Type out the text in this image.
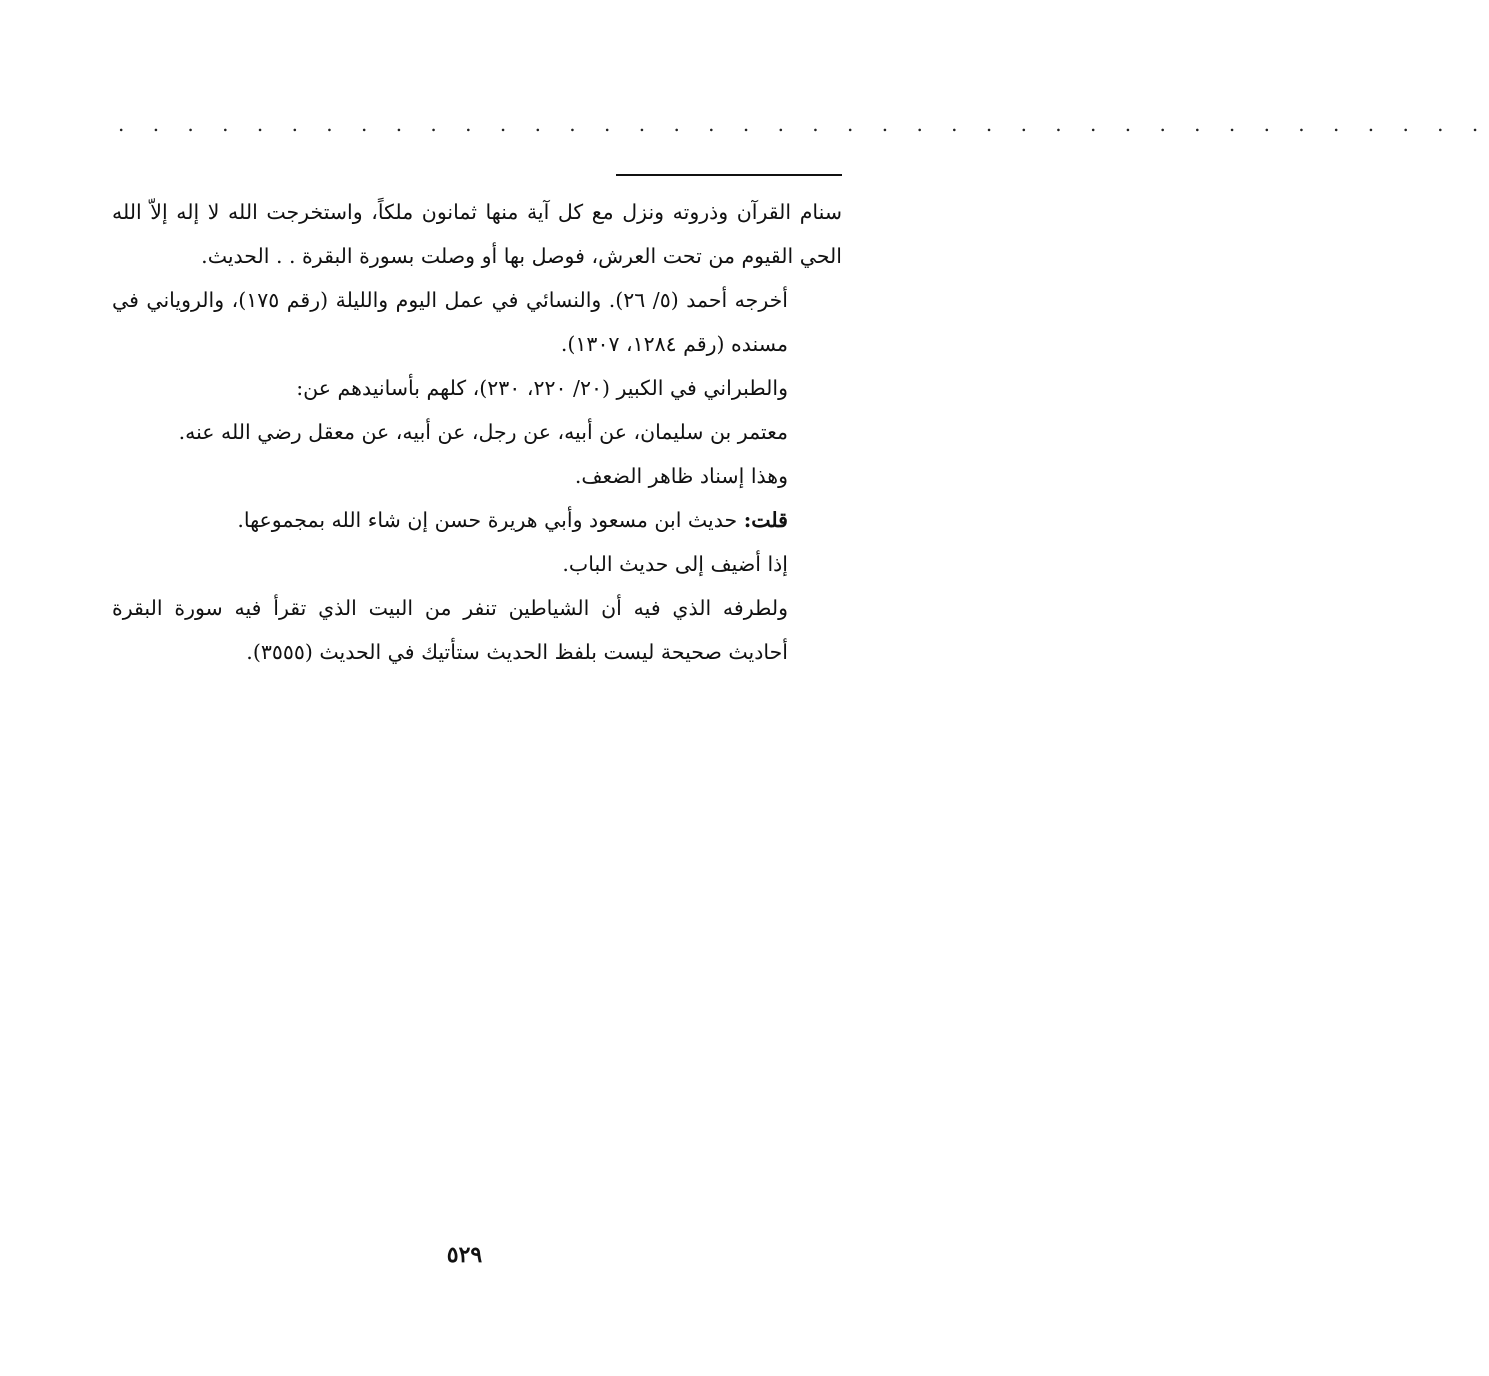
. . . . . . . . . . . . . . . . . . . . . . . . . . . . . . . . . . . . . . . .

سنام القرآن وذروته ونزل مع كل آية منها ثمانون ملكاً، واستخرجت الله لا إله إلاّ الله الحي القيوم من تحت العرش، فوصل بها أو وصلت بسورة البقرة . . الحديث.

أخرجه أحمد (٥/ ٢٦). والنسائي في عمل اليوم والليلة (رقم ١٧٥)، والروياني في مسنده (رقم ١٢٨٤، ١٣٠٧).

والطبراني في الكبير (٢٠/ ٢٢٠، ٢٣٠)، كلهم بأسانيدهم عن:

معتمر بن سليمان، عن أبيه، عن رجل، عن أبيه، عن معقل رضي الله عنه.

وهذا إسناد ظاهر الضعف.

قلت: حديث ابن مسعود وأبي هريرة حسن إن شاء الله بمجموعها.

إذا أضيف إلى حديث الباب.

ولطرفه الذي فيه أن الشياطين تنفر من البيت الذي تقرأ فيه سورة البقرة أحاديث صحيحة ليست بلفظ الحديث ستأتيك في الحديث (٣٥٥٥).

٥٢٩
